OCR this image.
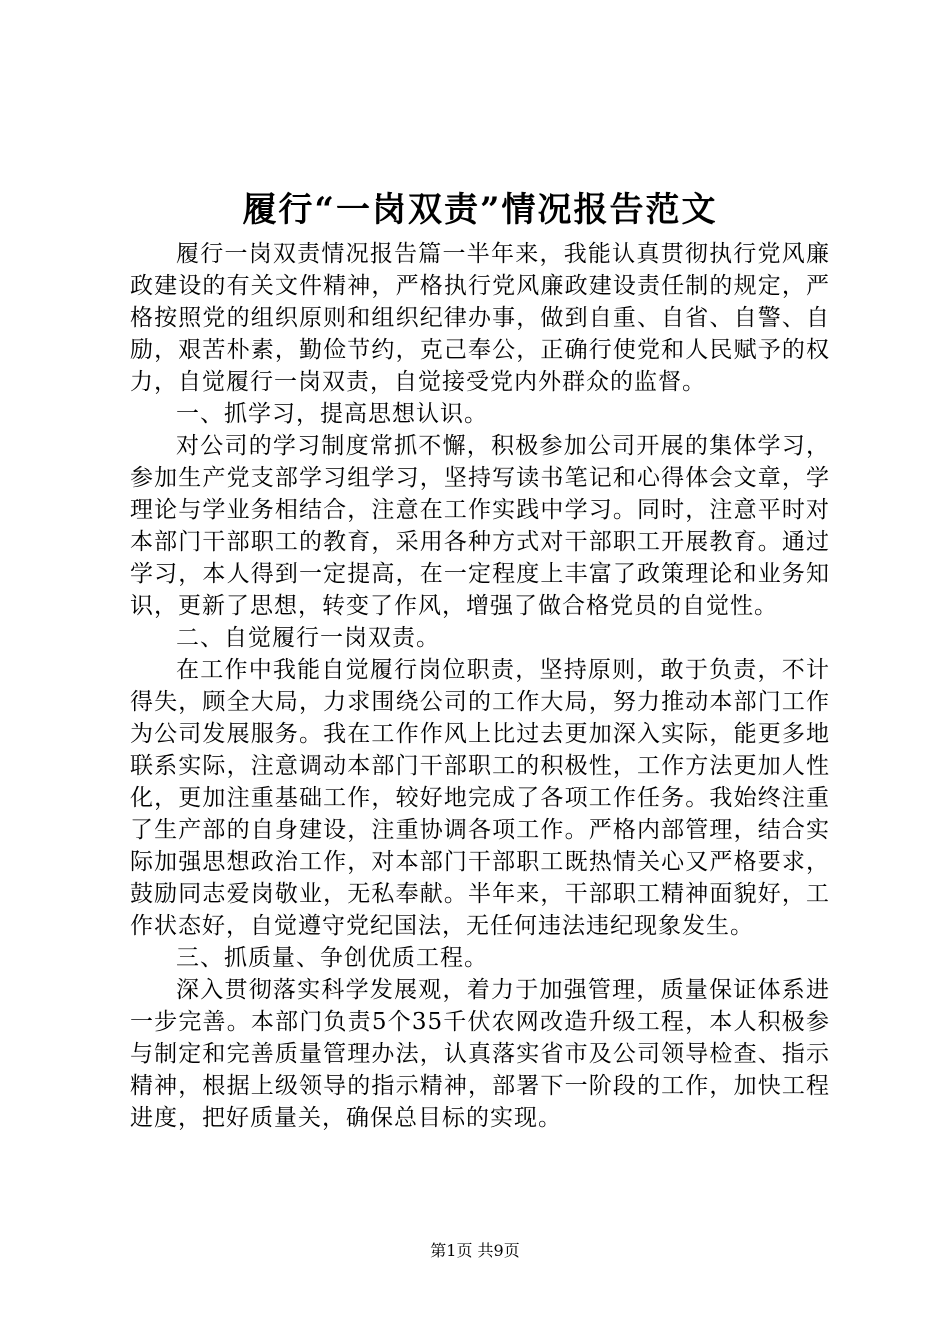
履行“一岗双责”情况报告范文

履行一岗双责情况报告篇一半年来，我能认真贯彻执行党风廉政建设的有关文件精神，严格执行党风廉政建设责任制的规定，严格按照党的组织原则和组织纪律办事，做到自重、自省、自警、自励，艰苦朴素，勤俭节约，克己奉公，正确行使党和人民赋予的权力，自觉履行一岗双责，自觉接受党内外群众的监督。

一、抓学习，提高思想认识。

对公司的学习制度常抓不懈，积极参加公司开展的集体学习，参加生产党支部学习组学习，坚持写读书笔记和心得体会文章，学理论与学业务相结合，注意在工作实践中学习。同时，注意平时对本部门干部职工的教育，采用各种方式对干部职工开展教育。通过学习，本人得到一定提高，在一定程度上丰富了政策理论和业务知识，更新了思想，转变了作风，增强了做合格党员的自觉性。

二、自觉履行一岗双责。

在工作中我能自觉履行岗位职责，坚持原则，敢于负责，不计得失，顾全大局，力求围绕公司的工作大局，努力推动本部门工作为公司发展服务。我在工作作风上比过去更加深入实际，能更多地联系实际，注意调动本部门干部职工的积极性，工作方法更加人性化，更加注重基础工作，较好地完成了各项工作任务。我始终注重了生产部的自身建设，注重协调各项工作。严格内部管理，结合实际加强思想政治工作，对本部门干部职工既热情关心又严格要求，鼓励同志爱岗敬业，无私奉献。半年来，干部职工精神面貌好，工作状态好，自觉遵守党纪国法，无任何违法违纪现象发生。

三、抓质量、争创优质工程。

深入贯彻落实科学发展观，着力于加强管理，质量保证体系进一步完善。本部门负责5个35千伏农网改造升级工程，本人积极参与制定和完善质量管理办法，认真落实省市及公司领导检查、指示精神，根据上级领导的指示精神，部署下一阶段的工作，加快工程进度，把好质量关，确保总目标的实现。

第1页 共9页
